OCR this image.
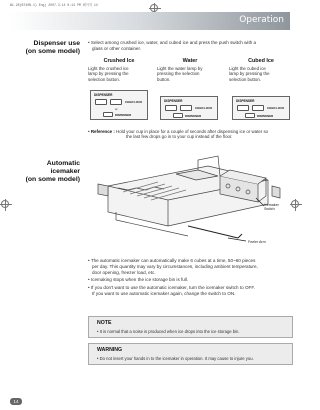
W1.28(B740N.1) Eng) 2007.3.14 8:14 PM 페이지 14
Operation
Dispenser use
(on some model)
Automatic
icemaker
(on some model)
• Select among crushed ice, water, and cubed ice and press the push switch with a
glass or other container.
Crushed Ice
Light the crushed ice
lamp by pressing the
selection button.
Water
Light the water lamp by
pressing the selection
button.
Cubed Ice
Light the cubed ice
lamp by pressing the
selection button.
DISPENSER
CHILD LOCK
or
DISPENSER
DISPENSER
CHILD LOCK
DISPENSER
DISPENSER
CHILD LOCK
DISPENSER
• Reference : Hold your cup in place for a couple of seconds after dispensing ice or water so
the last few drops go in to your cup instead of the floor.
Icemaker
Switch
Feeler Arm
• The automatic icemaker can automatically make 6 cubes at a time, 50~60 pieces
per day. This quantity may vary by circumstances, including ambient temperature,
door opening, freezer load, etc.
• Icemaking stops when the ice storage bin is full.
• If you don't want to use the automatic icemaker, turn the icemaker switch to OFF.
If you want to use automatic icemaker again, change the switch to ON.
NOTE
• It is normal that a noise is produced when ice drops into the ice storage bin.
WARNING
• Do not insert your hands in to the icemaker in operation. It may cause to injure you.
14
